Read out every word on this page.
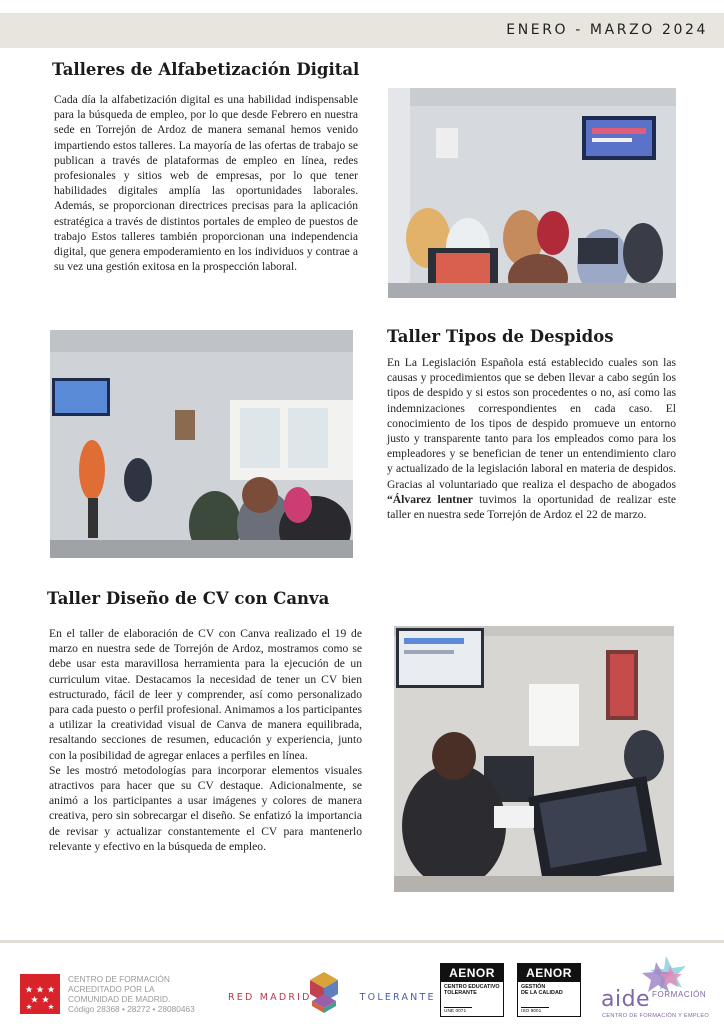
ENERO - MARZO 2024
Talleres de Alfabetización Digital

Cada día la alfabetización digital es una habilidad indispensable para la búsqueda de empleo, por lo que desde Febrero en nuestra sede en Torrejón de Ardoz de manera semanal hemos venido impartiendo estos talleres. La mayoría de las ofertas de trabajo se publican a través de plataformas de empleo en línea, redes profesionales y sitios web de empresas, por lo que tener habilidades digitales amplía las oportunidades laborales. Además, se proporcionan directrices precisas para la aplicación estratégica a través de distintos portales de empleo de puestos de trabajo Estos talleres también proporcionan una independencia digital, que genera empoderamiento en los individuos y contrae a su vez una gestión exitosa en la prospección laboral.

Taller Tipos de Despidos

En La Legislación Española está establecido cuales son las causas y procedimientos que se deben llevar a cabo según los tipos de despido y si estos son procedentes o no, así como las indemnizaciones correspondientes en cada caso. El conocimiento de los tipos de despido promueve un entorno justo y transparente tanto para los empleados como para los empleadores y se benefician de tener un entendimiento claro y actualizado de la legislación laboral en materia de despidos. Gracias al voluntariado que realiza el despacho de abogados “Álvarez lentner tuvimos la oportunidad de realizar este taller en nuestra sede Torrejón de Ardoz el 22 de marzo.

Taller Diseño de CV con Canva

En el taller de elaboración de CV con Canva realizado el 19 de marzo en nuestra sede de Torrejón de Ardoz, mostramos como se debe usar esta maravillosa herramienta para la ejecución de un curriculum vitae. Destacamos la necesidad de tener un CV bien estructurado, fácil de leer y comprender, así como personalizado para cada puesto o perfil profesional. Animamos a los participantes a utilizar la creatividad visual de Canva de manera equilibrada, resaltando secciones de resumen, educación y experiencia, junto con la posibilidad de agregar enlaces a perfiles en línea.

Se les mostró metodologías para incorporar elementos visuales atractivos para hacer que su CV destaque. Adicionalmente, se animó a los participantes a usar imágenes y colores de manera creativa, pero sin sobrecargar el diseño. Se enfatizó la importancia de revisar y actualizar constantemente el CV para mantenerlo relevante y efectivo en la búsqueda de empleo.

CENTRO DE FORMACIÓN
ACREDITADO POR LA
COMUNIDAD DE MADRID.
Código 28368 • 28272 • 28080463
RED MADRID	TOLERANTE
AENOR
CENTRO EDUCATIVO
TOLERANTE
UNE 0071
AENOR
GESTIÓN
DE LA CALIDAD
ISO 9001	aide FORMACIÓN
CENTRO DE FORMACIÓN Y EMPLEO
